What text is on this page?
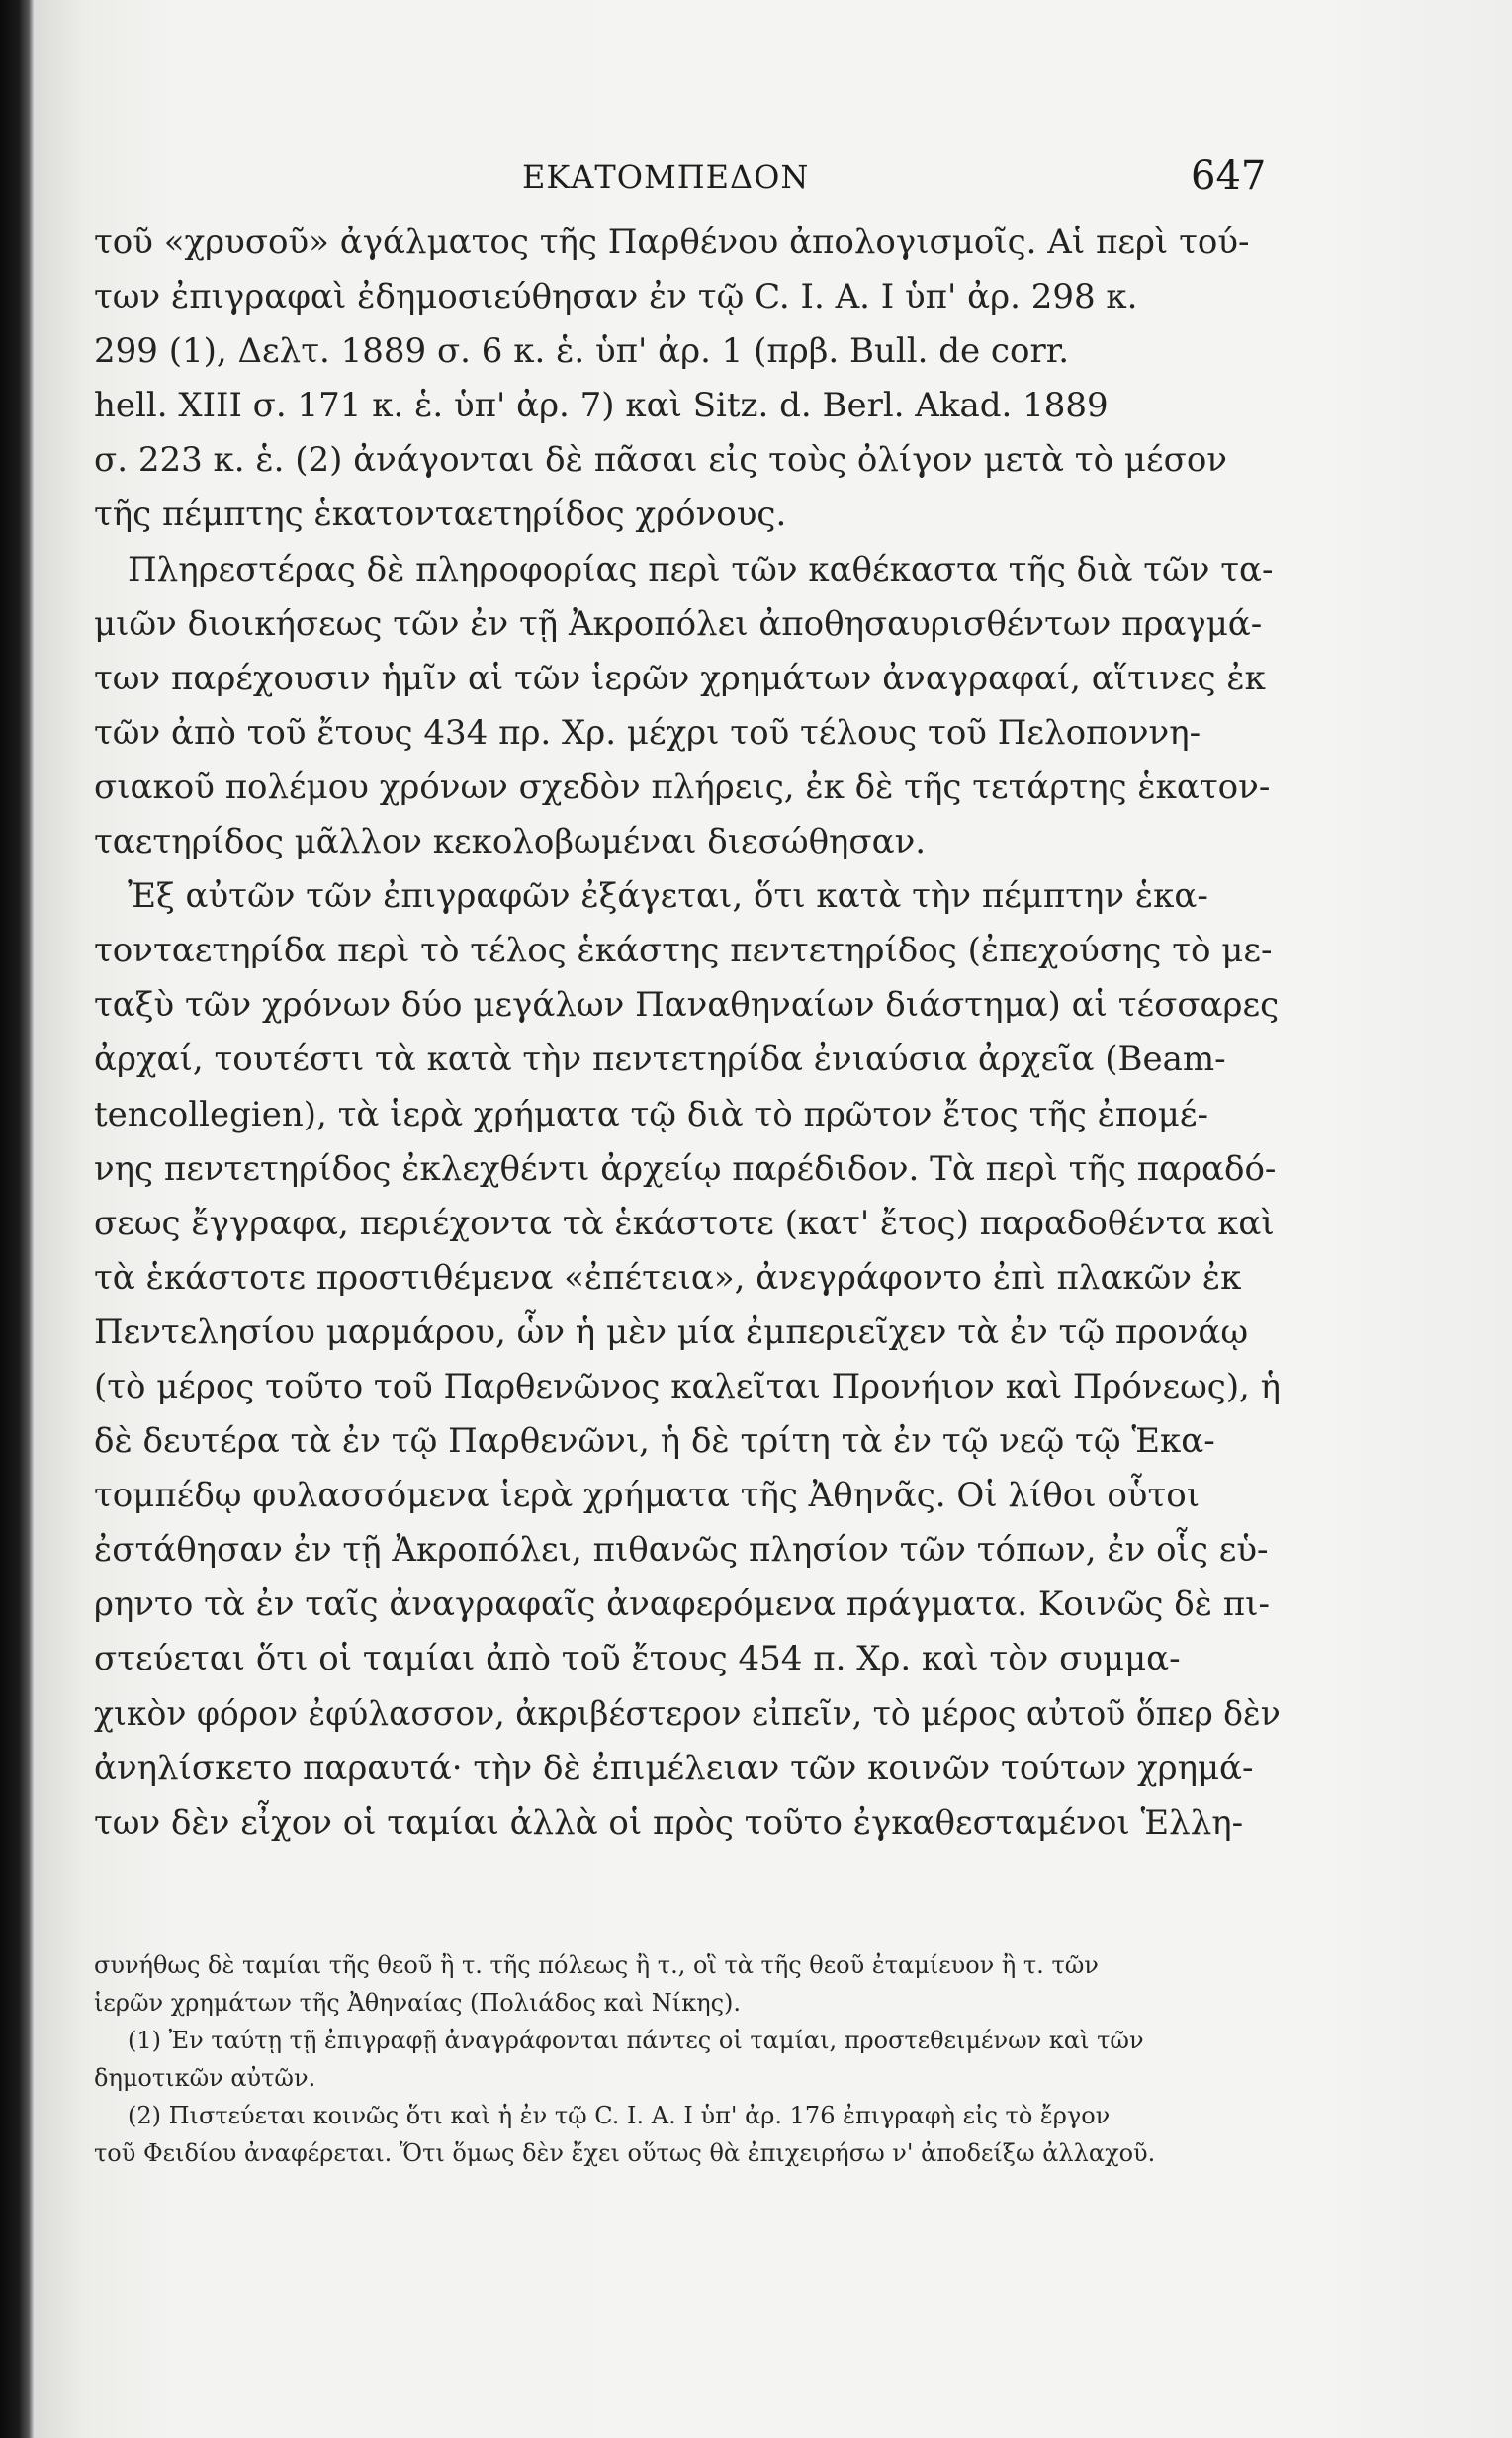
ΕΚΑΤΟΜΠΕΔΟΝ	647
τοῦ «χρυσοῦ» ἀγάλματος τῆς Παρθένου ἀπολογισμοῖς. Αἱ περὶ τού-
των ἐπιγραφαὶ ἐδημοσιεύθησαν ἐν τῷ C. I. A. I ὑπ' ἀρ. 298 κ.
299 (1), Δελτ. 1889 σ. 6 κ. ἑ. ὑπ' ἀρ. 1 (πρβ. Bull. de corr.
hell. XIII σ. 171 κ. ἑ. ὑπ' ἀρ. 7) καὶ Sitz. d. Berl. Akad. 1889
σ. 223 κ. ἑ. (2) ἀνάγονται δὲ πᾶσαι εἰς τοὺς ὀλίγον μετὰ τὸ μέσον
τῆς πέμπτης ἑκατονταετηρίδος χρόνους.
Πληρεστέρας δὲ πληροφορίας περὶ τῶν καθέκαστα τῆς διὰ τῶν τα-
μιῶν διοικήσεως τῶν ἐν τῇ Ἀκροπόλει ἀποθησαυρισθέντων πραγμά-
των παρέχουσιν ἡμῖν αἱ τῶν ἱερῶν χρημάτων ἀναγραφαί, αἵτινες ἐκ
τῶν ἀπὸ τοῦ ἔτους 434 πρ. Χρ. μέχρι τοῦ τέλους τοῦ Πελοποννη-
σιακοῦ πολέμου χρόνων σχεδὸν πλήρεις, ἐκ δὲ τῆς τετάρτης ἑκατον-
ταετηρίδος μᾶλλον κεκολοβωμέναι διεσώθησαν.
Ἐξ αὐτῶν τῶν ἐπιγραφῶν ἐξάγεται, ὅτι κατὰ τὴν πέμπτην ἑκα-
τονταετηρίδα περὶ τὸ τέλος ἑκάστης πεντετηρίδος (ἐπεχούσης τὸ με-
ταξὺ τῶν χρόνων δύο μεγάλων Παναθηναίων διάστημα) αἱ τέσσαρες
ἀρχαί, τουτέστι τὰ κατὰ τὴν πεντετηρίδα ἐνιαύσια ἀρχεῖα (Beam-
tencollegien), τὰ ἱερὰ χρήματα τῷ διὰ τὸ πρῶτον ἔτος τῆς ἐπομέ-
νης πεντετηρίδος ἐκλεχθέντι ἀρχείῳ παρέδιδον. Τὰ περὶ τῆς παραδό-
σεως ἔγγραφα, περιέχοντα τὰ ἑκάστοτε (κατ' ἔτος) παραδοθέντα καὶ
τὰ ἑκάστοτε προστιθέμενα «ἐπέτεια», ἀνεγράφοντο ἐπὶ πλακῶν ἐκ
Πεντελησίου μαρμάρου, ὧν ἡ μὲν μία ἐμπεριεῖχεν τὰ ἐν τῷ προνάῳ
(τὸ μέρος τοῦτο τοῦ Παρθενῶνος καλεῖται Προνήιον καὶ Πρόνεως), ἡ
δὲ δευτέρα τὰ ἐν τῷ Παρθενῶνι, ἡ δὲ τρίτη τὰ ἐν τῷ νεῷ τῷ Ἑκα-
τομπέδῳ φυλασσόμενα ἱερὰ χρήματα τῆς Ἀθηνᾶς. Οἱ λίθοι οὗτοι
ἐστάθησαν ἐν τῇ Ἀκροπόλει, πιθανῶς πλησίον τῶν τόπων, ἐν οἷς εὑ-
ρηντο τὰ ἐν ταῖς ἀναγραφαῖς ἀναφερόμενα πράγματα. Κοινῶς δὲ πι-
στεύεται ὅτι οἱ ταμίαι ἀπὸ τοῦ ἔτους 454 π. Χρ. καὶ τὸν συμμα-
χικὸν φόρον ἐφύλασσον, ἀκριβέστερον εἰπεῖν, τὸ μέρος αὐτοῦ ὅπερ δὲν
ἀνηλίσκετο παραυτά· τὴν δὲ ἐπιμέλειαν τῶν κοινῶν τούτων χρημά-
των δὲν εἶχον οἱ ταμίαι ἀλλὰ οἱ πρὸς τοῦτο ἐγκαθεσταμένοι Ἑλλη-
συνήθως δὲ ταμίαι τῆς θεοῦ ἢ τ. τῆς πόλεως ἢ τ., οἳ τὰ τῆς θεοῦ ἐταμίευον ἢ τ. τῶν
ἱερῶν χρημάτων τῆς Ἀθηναίας (Πολιάδος καὶ Νίκης).
(1) Ἐν ταύτῃ τῇ ἐπιγραφῇ ἀναγράφονται πάντες οἱ ταμίαι, προστεθειμένων καὶ τῶν
δημοτικῶν αὐτῶν.
(2) Πιστεύεται κοινῶς ὅτι καὶ ἡ ἐν τῷ C. I. A. I ὑπ' ἀρ. 176 ἐπιγραφὴ εἰς τὸ ἔργον
τοῦ Φειδίου ἀναφέρεται. Ὅτι ὅμως δὲν ἔχει οὕτως θὰ ἐπιχειρήσω ν' ἀποδείξω ἀλλαχοῦ.
